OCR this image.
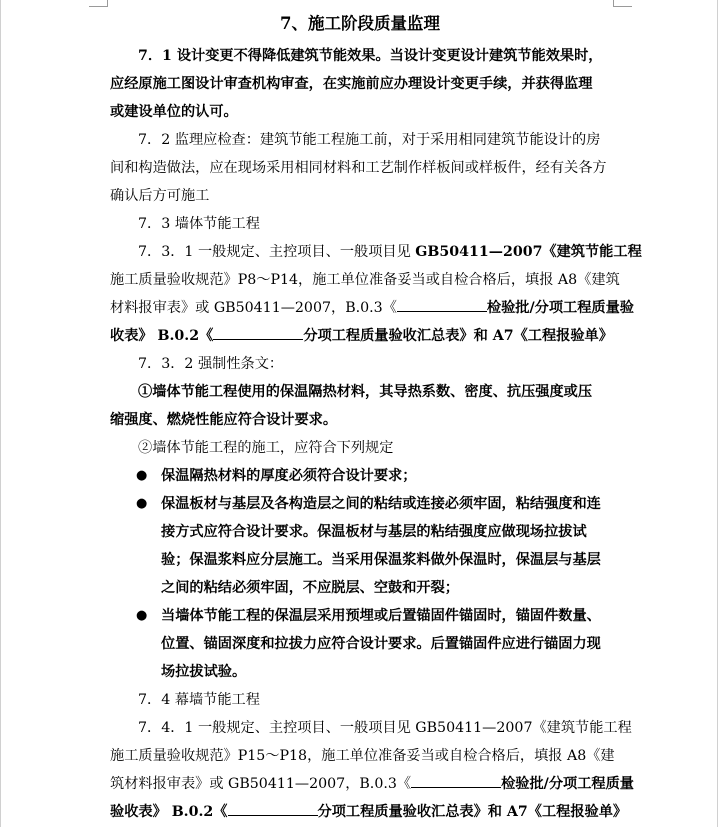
7、施工阶段质量监理
7．1 设计变更不得降低建筑节能效果。当设计变更设计建筑节能效果时，
应经原施工图设计审查机构审查，在实施前应办理设计变更手续，并获得监理
或建设单位的认可。
7．2 监理应检查：建筑节能工程施工前，对于采用相同建筑节能设计的房
间和构造做法，应在现场采用相同材料和工艺制作样板间或样板件，经有关各方
确认后方可施工
7．3 墙体节能工程
7．3．1 一般规定、主控项目、一般项目见 GB50411—2007《建筑节能工程
施工质量验收规范》P8～P14，施工单位准备妥当或自检合格后，填报 A8《建筑
材料报审表》或 GB50411—2007，B.0.3《	检验批/分项工程质量验
收表》 B.0.2《	分项工程质量验收汇总表》和 A7《工程报验单》
7．3．2 强制性条文：
①墙体节能工程使用的保温隔热材料，其导热系数、密度、抗压强度或压
缩强度、燃烧性能应符合设计要求。
②墙体节能工程的施工，应符合下列规定
● 保温隔热材料的厚度必须符合设计要求；
● 保温板材与基层及各构造层之间的粘结或连接必须牢固，粘结强度和连
接方式应符合设计要求。保温板材与基层的粘结强度应做现场拉拔试
验；保温浆料应分层施工。当采用保温浆料做外保温时，保温层与基层
之间的粘结必须牢固，不应脱层、空鼓和开裂；
● 当墙体节能工程的保温层采用预埋或后置锚固件锚固时，锚固件数量、
位置、锚固深度和拉拔力应符合设计要求。后置锚固件应进行锚固力现
场拉拔试验。
7．4 幕墙节能工程
7．4．1 一般规定、主控项目、一般项目见 GB50411—2007《建筑节能工程
施工质量验收规范》P15～P18，施工单位准备妥当或自检合格后，填报 A8《建
筑材料报审表》或 GB50411—2007，B.0.3《	检验批/分项工程质量
验收表》 B.0.2《	分项工程质量验收汇总表》和 A7《工程报验单》
